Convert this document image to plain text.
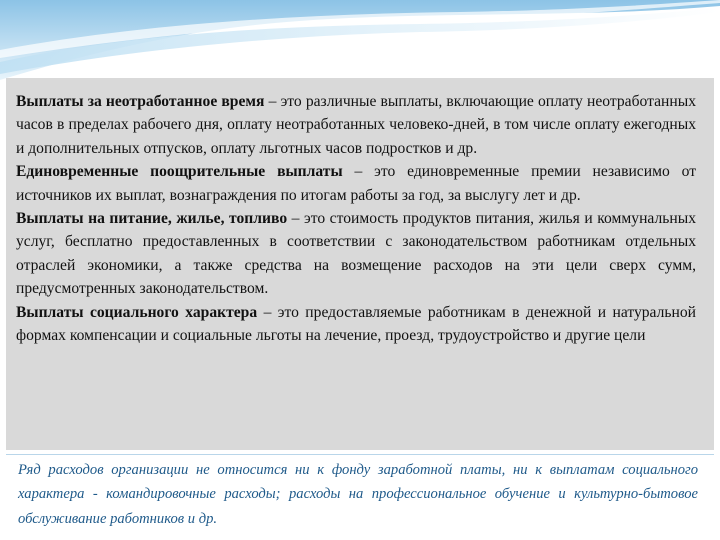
Выплаты за неотработанное время – это различные выплаты, включающие оплату неотработанных часов в пределах рабочего дня, оплату неотработанных человеко-дней, в том числе оплату ежегодных и дополнительных отпусков, оплату льготных часов подростков и др.

Единовременные поощрительные выплаты – это единовременные премии независимо от источников их выплат, вознаграждения по итогам работы за год, за выслугу лет и др.

Выплаты на питание, жилье, топливо – это стоимость продуктов питания, жилья и коммунальных услуг, бесплатно предоставленных в соответствии с законодательством работникам отдельных отраслей экономики, а также средства на возмещение расходов на эти цели сверх сумм, предусмотренных законодательством.

Выплаты социального характера – это предоставляемые работникам в денежной и натуральной формах компенсации и социальные льготы на лечение, проезд, трудоустройство и другие цели

Ряд расходов организации не относится ни к фонду заработной платы, ни к выплатам социального характера - командировочные расходы; расходы на профессиональное обучение и культурно-бытовое обслуживание работников и др.
